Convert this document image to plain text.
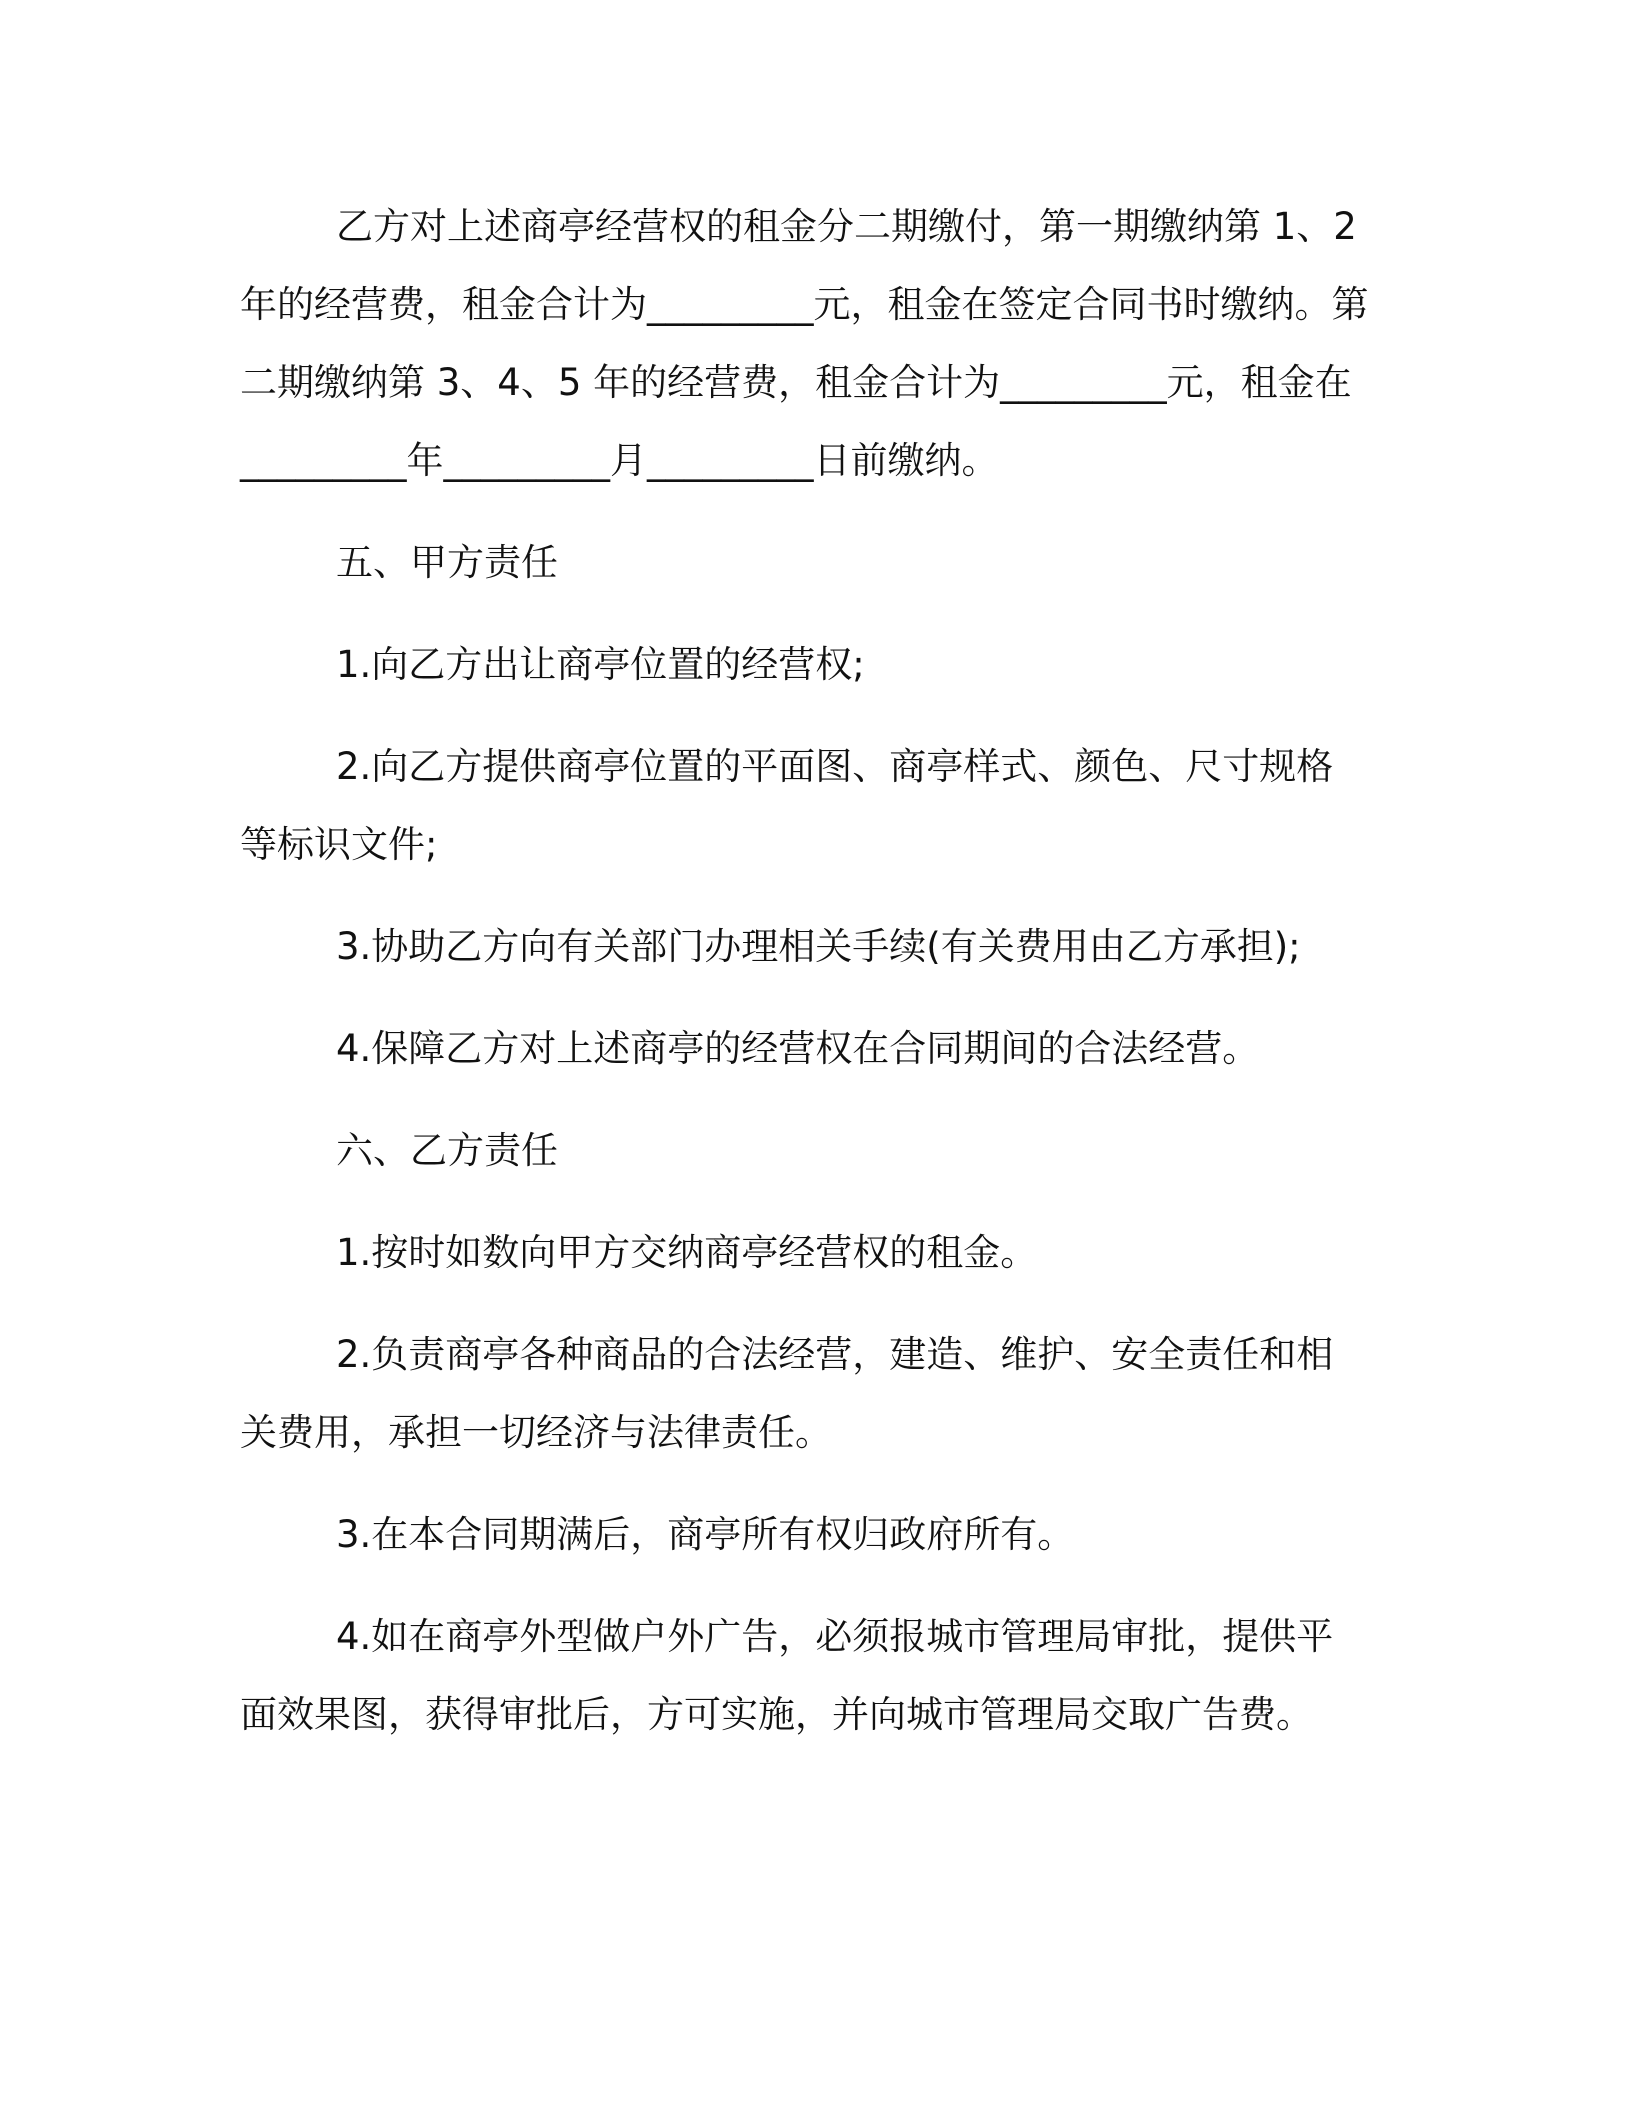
乙方对上述商亭经营权的租金分二期缴付，第一期缴纳第 1、2 年的经营费，租金合计为_________元，租金在签定合同书时缴纳。第二期缴纳第 3、4、5 年的经营费，租金合计为_________元，租金在_________年_________月_________日前缴纳。

五、甲方责任

1.向乙方出让商亭位置的经营权;

2.向乙方提供商亭位置的平面图、商亭样式、颜色、尺寸规格等标识文件;

3.协助乙方向有关部门办理相关手续(有关费用由乙方承担);

4.保障乙方对上述商亭的经营权在合同期间的合法经营。

六、乙方责任

1.按时如数向甲方交纳商亭经营权的租金。

2.负责商亭各种商品的合法经营，建造、维护、安全责任和相关费用，承担一切经济与法律责任。

3.在本合同期满后，商亭所有权归政府所有。

4.如在商亭外型做户外广告，必须报城市管理局审批，提供平面效果图，获得审批后，方可实施，并向城市管理局交取广告费。
